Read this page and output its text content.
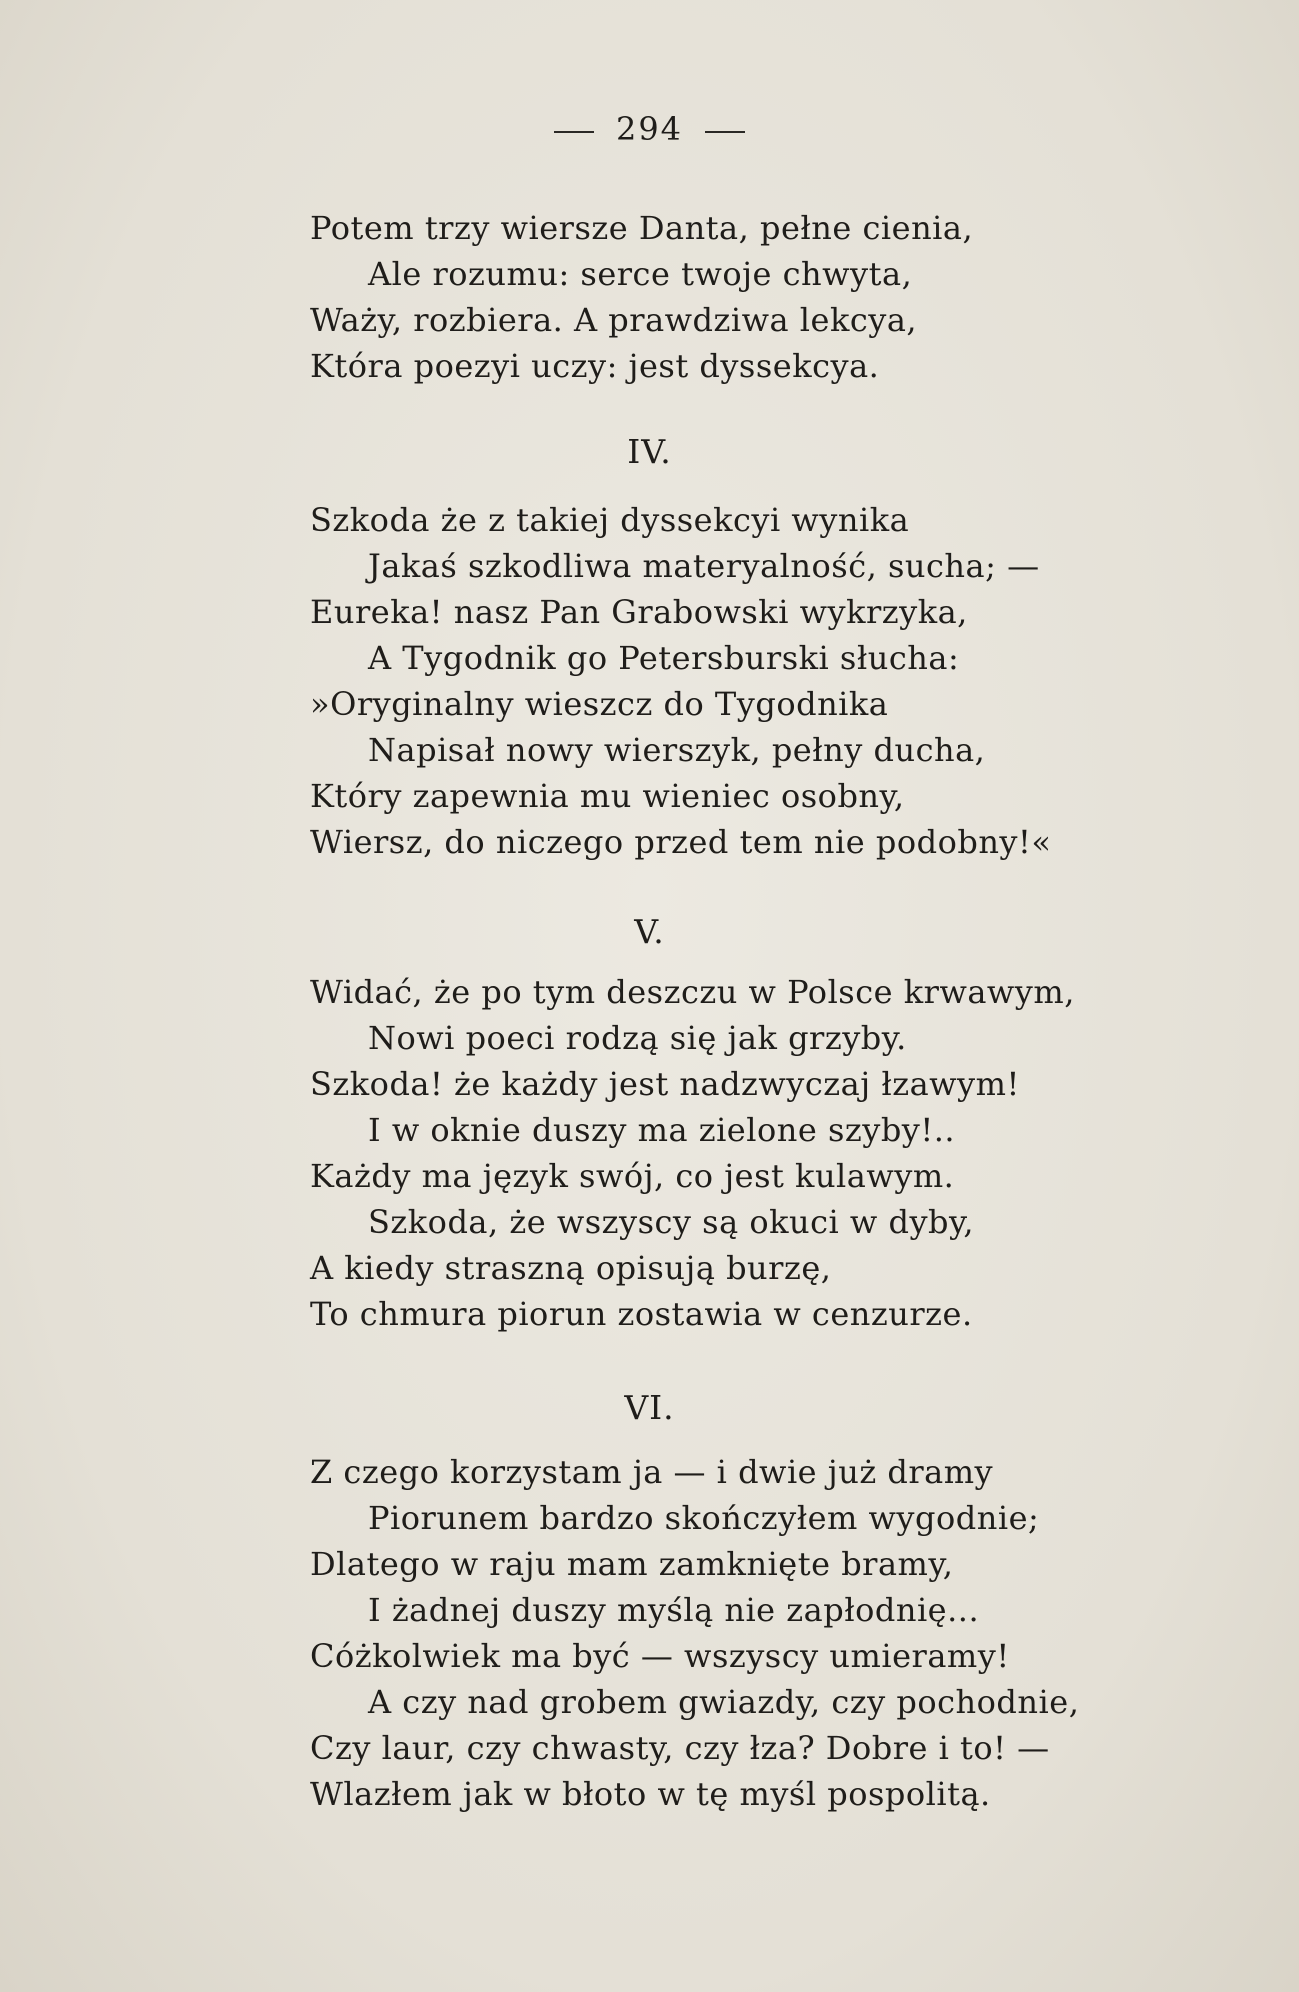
294
Potem trzy wiersze Danta, pełne cienia,
Ale rozumu: serce twoje chwyta,
Waży, rozbiera. A prawdziwa lekcya,
Która poezyi uczy: jest dyssekcya.
IV.
Szkoda że z takiej dyssekcyi wynika
Jakaś szkodliwa materyalność, sucha; —
Eureka! nasz Pan Grabowski wykrzyka,
A Tygodnik go Petersburski słucha:
»Oryginalny wieszcz do Tygodnika
Napisał nowy wierszyk, pełny ducha,
Który zapewnia mu wieniec osobny,
Wiersz, do niczego przed tem nie podobny!«
V.
Widać, że po tym deszczu w Polsce krwawym,
Nowi poeci rodzą się jak grzyby.
Szkoda! że każdy jest nadzwyczaj łzawym!
I w oknie duszy ma zielone szyby!..
Każdy ma język swój, co jest kulawym.
Szkoda, że wszyscy są okuci w dyby,
A kiedy straszną opisują burzę,
To chmura piorun zostawia w cenzurze.
VI.
Z czego korzystam ja — i dwie już dramy
Piorunem bardzo skończyłem wygodnie;
Dlatego w raju mam zamknięte bramy,
I żadnej duszy myślą nie zapłodnię...
Cóżkolwiek ma być — wszyscy umieramy!
A czy nad grobem gwiazdy, czy pochodnie,
Czy laur, czy chwasty, czy łza? Dobre i to! —
Wlazłem jak w błoto w tę myśl pospolitą.
